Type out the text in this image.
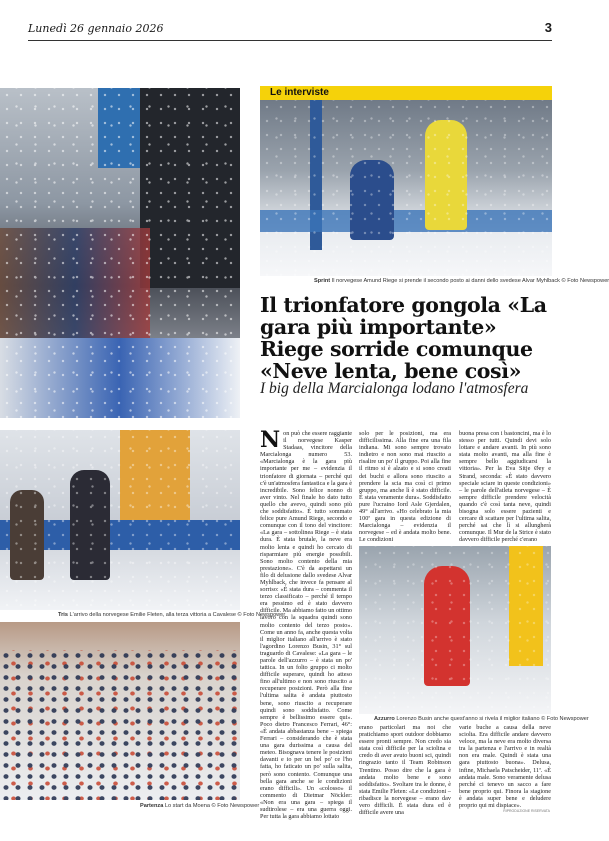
Lunedì 26 gennaio 2026	3
Tris L'arrivo della norvegese Emilie Fleten, alla terza vittoria a Cavalese © Foto Newspower
Partenza Lo start da Moena © Foto Newspower
Le interviste
Sprint Il norvegese Amund Riege si prende il secondo posto ai danni dello svedese Alvar Myhlback © Foto Newspower
Il trionfatore gongola «La gara più importante» Riege sorride comunque «Neve lenta, bene così»
I big della Marcialonga lodano l'atmosfera
Non può che essere raggiante il norvegese Kasper Stadaas, vincitore della Marcialonga numero 53. «Marcialonga è la gara più importante per me – evidenzia il trionfatore di giornata – perché qui c'è un'atmosfera fantastica e la gara è incredibile. Sono felice nonno di aver vinto. Nel finale ho dato tutto quello che avevo, quindi sono più che soddisfatto». È tutto sommato felice pure Amund Riege, secondo e comunque con il tono del vincitore: «La gara – sottolinea Riege – è stata dura. È stata brutale, la neve era molto lenta e quindi ho cercato di risparmiare più energie possibili. Sono molto contento della mia prestazione». C'è da aspettarsi un filo di delusione dallo svedese Alvar Myhlback, che invece fa pensare al sorriso: «È stata dura – commenta il terzo classificato – perché il tempo era pessimo ed è stato davvero difficile. Ma abbiamo fatto un ottimo lavoro con la squadra quindi sono molto contento del terzo posto». Come un anno fa, anche questa volta il miglior italiano all'arrivo è stato l'agordino Lorenzo Busin, 31° sul traguardo di Cavalese: «La gara – le parole dell'azzurro – è stata un po' tattica. In un folto gruppo ci molto difficile superare, quindi ho atteso fino all'ultimo e non sono riuscito a recuperare posizioni. Però alla fine l'ultima salita è andata piuttosto bene, sono riuscito a recuperare quindi sono soddisfatto. Come sempre è bellissimo essere qui». Poco dietro Francesco Ferrari, 46°: «È andata abbastanza bene – spiega Ferrari – considerando che è stata una gara durissima a causa del meteo. Bisognava tenere le posizioni davanti e io per un bel po' ce l'ho fatta, ho faticato un po' sulla salita, però sono contento. Comunque una bella gara anche se le condizioni erano difficili». Un «colosso» il commento di Dietmar Nöckler: «Non era una gara – spiega il sudtirolese – era una guerra oggi. Per tutta la gara abbiamo lottato
solo per le posizioni, ma era difficilissima. Alla fine era una fila indiana. Mi sono sempre trovato indietro e non sono mai riuscito a risalire un po' il gruppo. Poi alla fine il ritmo si è alzato e si sono creati dei buchi e allora sono riuscito a prendere la scia ma così ci primo gruppo, ma anche lì è stato difficile. È stata veramente dura». Soddisfatto pure l'ucraino Iord Asle Gjerdalen, 49° all'arrivo. «Ho celebrato la mia 100ª gara in questa edizione di Marcialonga – evidenzia il norvegese – ed è andata molto bene. Le condizioni
buona presa con i bastoncini, ma è lo stesso per tutti. Quindi devi solo lottare e andare avanti. In più sono stata molto avanti, ma alla fine è sempre bello aggiudicarsi la vittoria». Per la Eva Sitje Øey e Strand, seconda: «È stato davvero speciale sciare in queste condizioni» – le parole dell'atleta norvegese – È sempre difficile prendere velocità quando c'è così tanta neve, quindi bisogna solo essere pazienti e cercare di scattare per l'ultima salita, perché sai che lì si allungherà comunque. Il Mur de la Strice è stato davvero difficile perché c'erano
Azzurro Lorenzo Busin anche quest'anno si rivela il miglior italiano © Foto Newspower
erano particolari ma noi che pratichiamo sport outdoor dobbiamo essere pronti sempre. Non credo sia stata così difficile per la sciolina e credo di aver avuto buoni sci, quindi ringrazio tanto il Team Robinson Trentino. Posso dire che la gara è andata molto bene e sono soddisfatto». Svoltare tra le donne, è stata Emilie Fleten: «Le condizioni – ribadisce la norvegese – erano dav vero difficili. È stata dura ed è difficile avere una
varie buche a causa della neve sciolta. Era difficile andare davvero veloce, ma la neve era molto diversa tra la partenza e l'arrivo e in realtà non era male. Quindi è stata una gara piuttosto buona». Delusa, infine, Michaela Patscheider, 11ª. «È andata male. Sono veramente delusa perché ci tenevo un sacco a fare bene proprio qui. Finora la stagione è andata super bene e deludere proprio qui mi dispiace».
RIPRODUZIONE RISERVATA
